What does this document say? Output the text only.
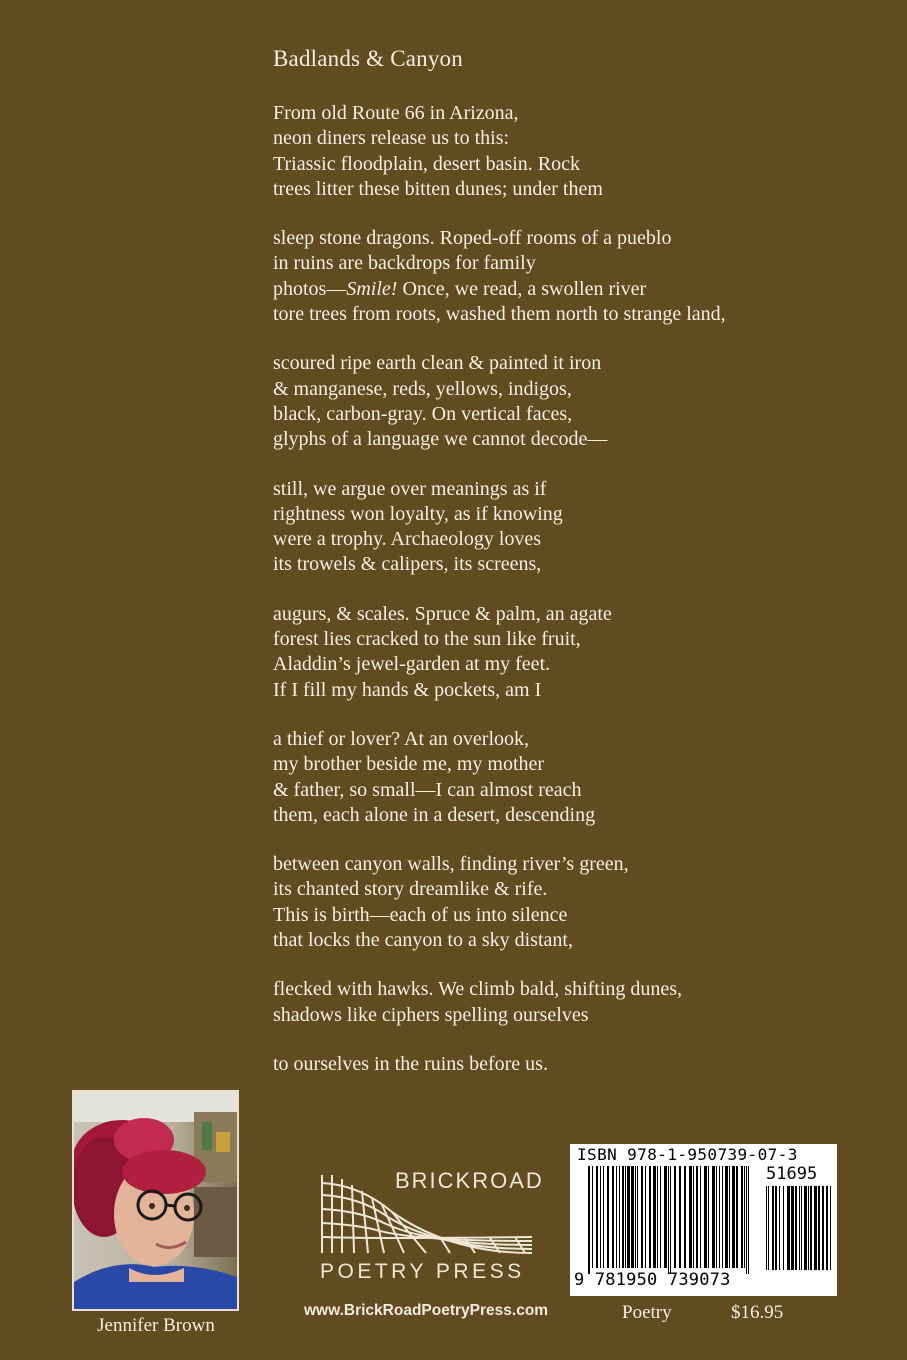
Badlands & Canyon
From old Route 66 in Arizona,
neon diners release us to this:
Triassic floodplain, desert basin. Rock
trees litter these bitten dunes; under them
sleep stone dragons. Roped-off rooms of a pueblo
in ruins are backdrops for family
photos—Smile! Once, we read, a swollen river
tore trees from roots, washed them north to strange land,
scoured ripe earth clean & painted it iron
& manganese, reds, yellows, indigos,
black, carbon-gray. On vertical faces,
glyphs of a language we cannot decode—
still, we argue over meanings as if
rightness won loyalty, as if knowing
were a trophy. Archaeology loves
its trowels & calipers, its screens,
augurs, & scales. Spruce & palm, an agate
forest lies cracked to the sun like fruit,
Aladdin’s jewel-garden at my feet.
If I fill my hands & pockets, am I
a thief or lover? At an overlook,
my brother beside me, my mother
& father, so small—I can almost reach
them, each alone in a desert, descending
between canyon walls, finding river’s green,
its chanted story dreamlike & rife.
This is birth—each of us into silence
that locks the canyon to a sky distant,
flecked with hawks. We climb bald, shifting dunes,
shadows like ciphers spelling ourselves
to ourselves in the ruins before us.
Jennifer Brown
BRICKROAD
POETRY PRESS
www.BrickRoadPoetryPress.com
ISBN 978-1-950739-07-3
51695
9 781950 739073
Poetry	$16.95
